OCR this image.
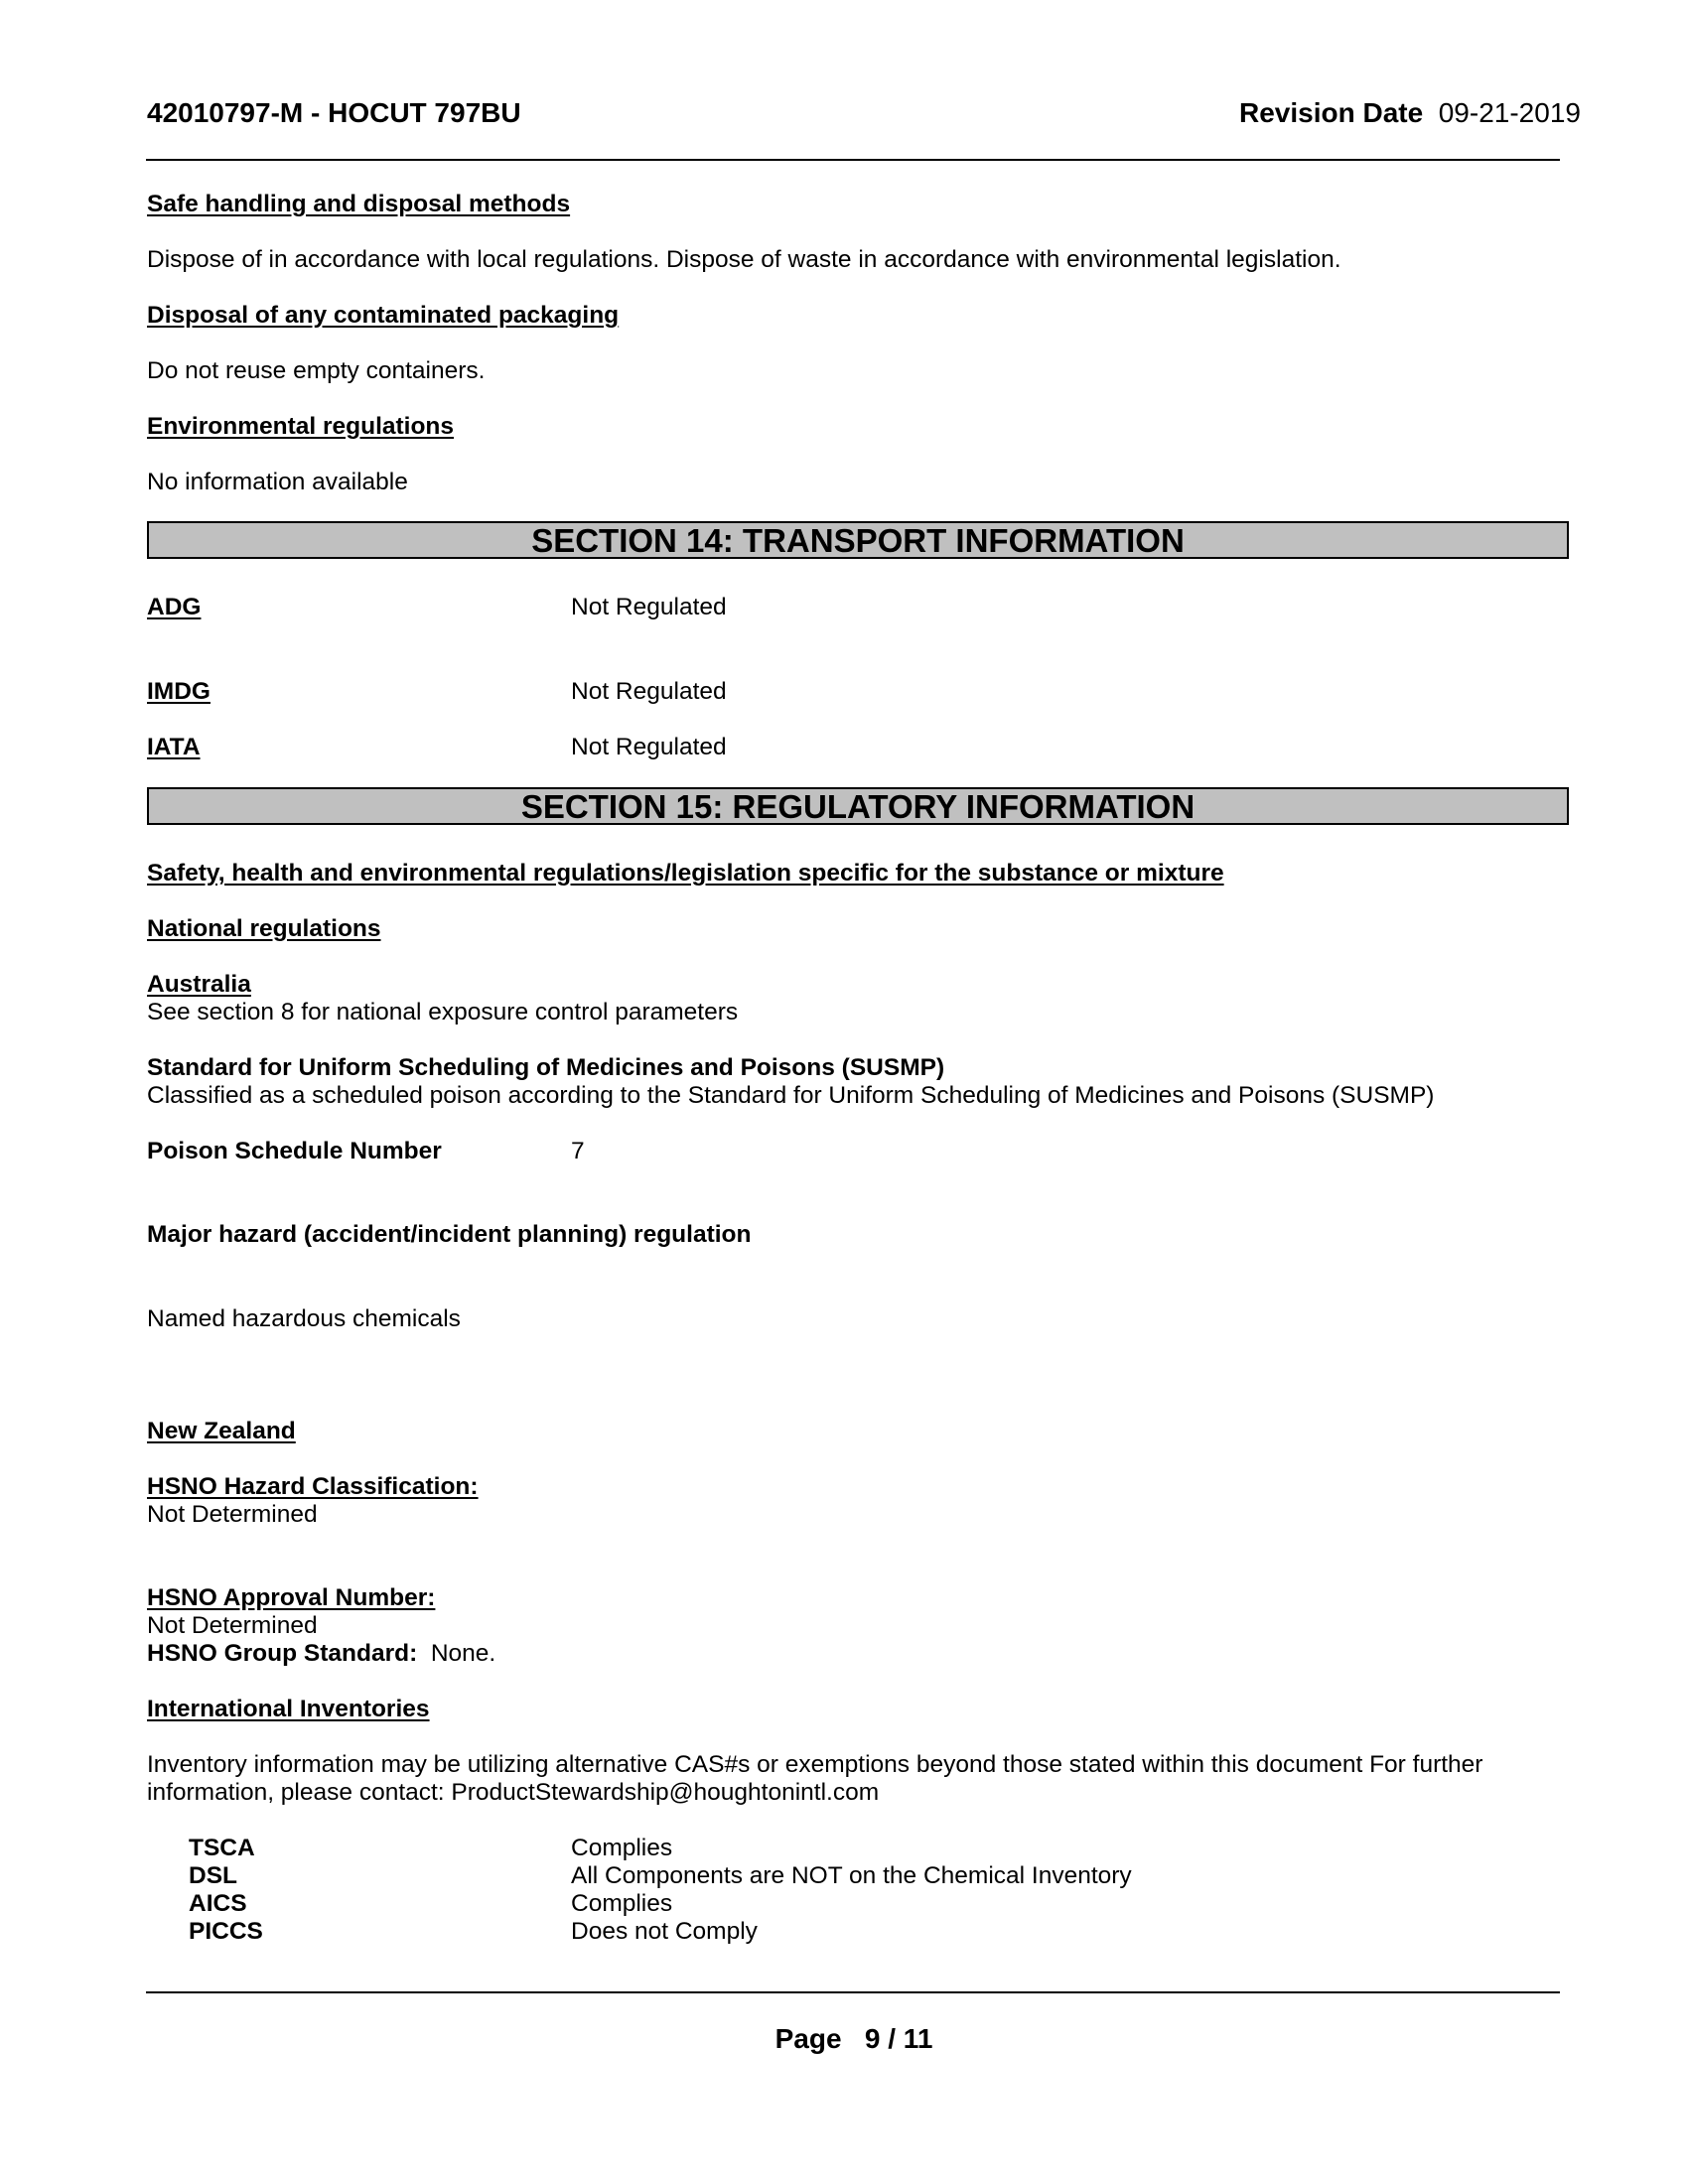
42010797-M - HOCUT 797BU	Revision Date 09-21-2019
Safe handling and disposal methods
Dispose of in accordance with local regulations. Dispose of waste in accordance with environmental legislation.
Disposal of any contaminated packaging
Do not reuse empty containers.
Environmental regulations
No information available
SECTION 14: TRANSPORT INFORMATION
ADG	Not Regulated
IMDG	Not Regulated
IATA	Not Regulated
SECTION 15: REGULATORY INFORMATION
Safety, health and environmental regulations/legislation specific for the substance or mixture
National regulations
Australia
See section 8 for national exposure control parameters
Standard for Uniform Scheduling of Medicines and Poisons (SUSMP)
Classified as a scheduled poison according to the Standard for Uniform Scheduling of Medicines and Poisons (SUSMP)
Poison Schedule Number	7
Major hazard (accident/incident planning) regulation
Named hazardous chemicals
New Zealand
HSNO Hazard Classification:
Not Determined
HSNO Approval Number:
Not Determined
HSNO Group Standard: None.
International Inventories
Inventory information may be utilizing alternative CAS#s or exemptions beyond those stated within this document For further
information, please contact: ProductStewardship@houghtonintl.com
TSCA	Complies
DSL	All Components are NOT on the Chemical Inventory
AICS	Complies
PICCS	Does not Comply
Page 9 / 11
